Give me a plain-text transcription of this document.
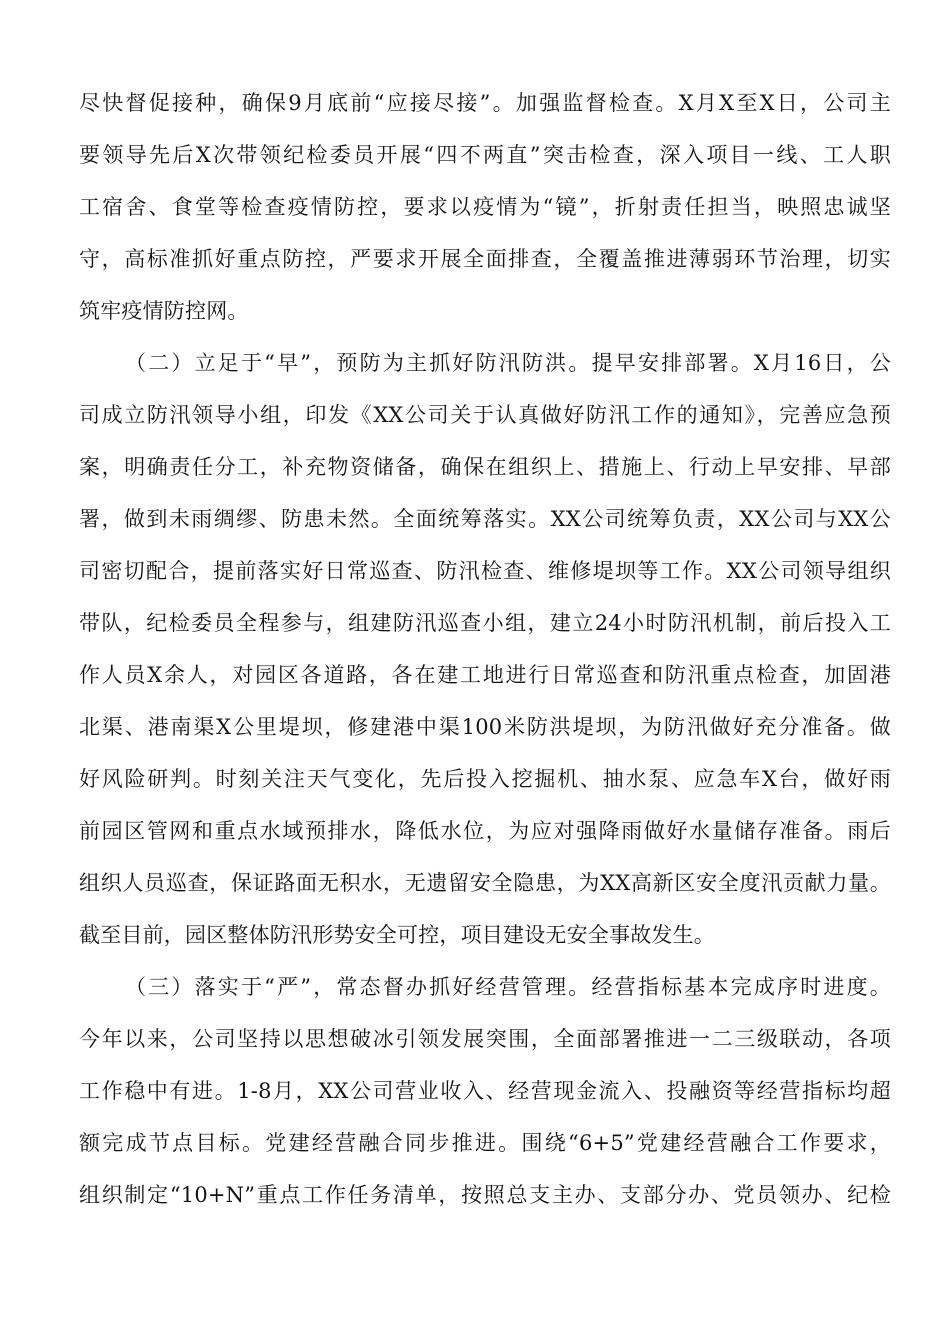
尽快督促接种，确保9月底前“应接尽接”。加强监督检查。X月X至X日，公司主
要领导先后X次带领纪检委员开展“四不两直”突击检查，深入项目一线、工人职
工宿舍、食堂等检查疫情防控，要求以疫情为“镜”，折射责任担当，映照忠诚坚
守，高标准抓好重点防控，严要求开展全面排查，全覆盖推进薄弱环节治理，切实
筑牢疫情防控网。
（二）立足于“早”，预防为主抓好防汛防洪。提早安排部署。X月16日，公
司成立防汛领导小组，印发《XX公司关于认真做好防汛工作的通知》，完善应急预
案，明确责任分工，补充物资储备，确保在组织上、措施上、行动上早安排、早部
署，做到未雨绸缪、防患未然。全面统筹落实。XX公司统筹负责，XX公司与XX公
司密切配合，提前落实好日常巡查、防汛检查、维修堤坝等工作。XX公司领导组织
带队，纪检委员全程参与，组建防汛巡查小组，建立24小时防汛机制，前后投入工
作人员X余人，对园区各道路，各在建工地进行日常巡查和防汛重点检查，加固港
北渠、港南渠X公里堤坝，修建港中渠100米防洪堤坝，为防汛做好充分准备。做
好风险研判。时刻关注天气变化，先后投入挖掘机、抽水泵、应急车X台，做好雨
前园区管网和重点水域预排水，降低水位，为应对强降雨做好水量储存准备。雨后
组织人员巡查，保证路面无积水，无遗留安全隐患，为XX高新区安全度汛贡献力量。
截至目前，园区整体防汛形势安全可控，项目建设无安全事故发生。
（三）落实于“严”，常态督办抓好经营管理。经营指标基本完成序时进度。
今年以来，公司坚持以思想破冰引领发展突围，全面部署推进一二三级联动，各项
工作稳中有进。1-8月，XX公司营业收入、经营现金流入、投融资等经营指标均超
额完成节点目标。党建经营融合同步推进。围绕“6+5”党建经营融合工作要求，
组织制定“10+N”重点工作任务清单，按照总支主办、支部分办、党员领办、纪检
